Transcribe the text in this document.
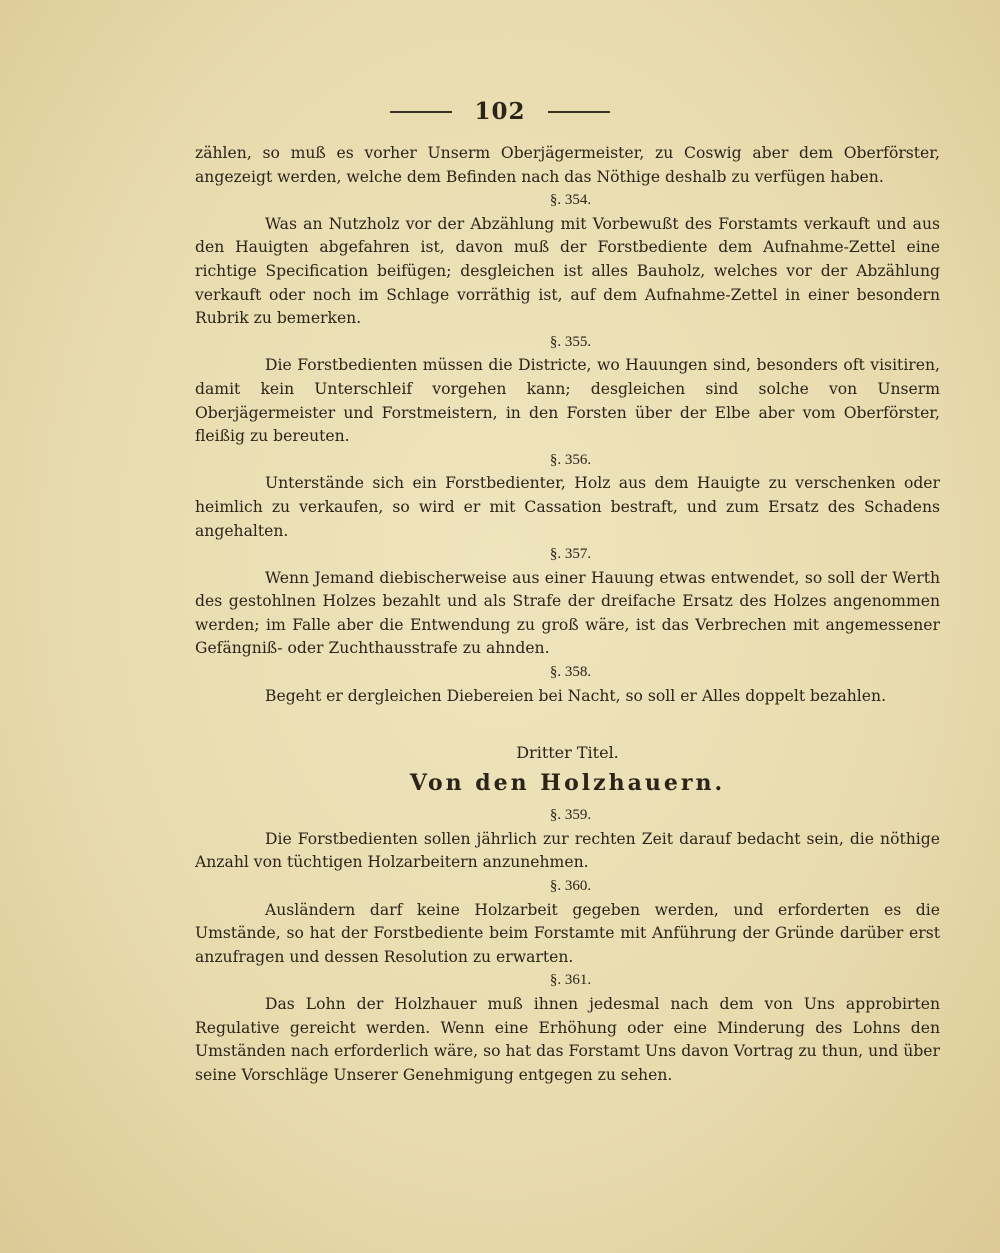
102

zählen, so muß es vorher Unserm Oberjägermeister, zu Coswig aber dem Oberförster, angezeigt werden, welche dem Befinden nach das Nöthige deshalb zu verfügen haben.

§. 354.

Was an Nutzholz vor der Abzählung mit Vorbewußt des Forstamts verkauft und aus den Hauigten abgefahren ist, davon muß der Forstbediente dem Aufnahme-Zettel eine richtige Specification beifügen; desgleichen ist alles Bauholz, welches vor der Abzählung verkauft oder noch im Schlage vorräthig ist, auf dem Aufnahme-Zettel in einer besondern Rubrik zu bemerken.

§. 355.

Die Forstbedienten müssen die Districte, wo Hauungen sind, besonders oft visitiren, damit kein Unterschleif vorgehen kann; desgleichen sind solche von Unserm Oberjägermeister und Forstmeistern, in den Forsten über der Elbe aber vom Oberförster, fleißig zu bereuten.

§. 356.

Unterstände sich ein Forstbedienter, Holz aus dem Hauigte zu verschenken oder heimlich zu verkaufen, so wird er mit Cassation bestraft, und zum Ersatz des Schadens angehalten.

§. 357.

Wenn Jemand diebischerweise aus einer Hauung etwas entwendet, so soll der Werth des gestohlnen Holzes bezahlt und als Strafe der dreifache Ersatz des Holzes angenommen werden; im Falle aber die Entwendung zu groß wäre, ist das Verbrechen mit angemessener Gefängniß- oder Zuchthausstrafe zu ahnden.

§. 358.

Begeht er dergleichen Diebereien bei Nacht, so soll er Alles doppelt bezahlen.

Dritter Titel.

Von den Holzhauern.

§. 359.

Die Forstbedienten sollen jährlich zur rechten Zeit darauf bedacht sein, die nöthige Anzahl von tüchtigen Holzarbeitern anzunehmen.

§. 360.

Ausländern darf keine Holzarbeit gegeben werden, und erforderten es die Umstände, so hat der Forstbediente beim Forstamte mit Anführung der Gründe darüber erst anzufragen und dessen Resolution zu erwarten.

§. 361.

Das Lohn der Holzhauer muß ihnen jedesmal nach dem von Uns approbirten Regulative gereicht werden. Wenn eine Erhöhung oder eine Minderung des Lohns den Umständen nach erforderlich wäre, so hat das Forstamt Uns davon Vortrag zu thun, und über seine Vorschläge Unserer Genehmigung entgegen zu sehen.
